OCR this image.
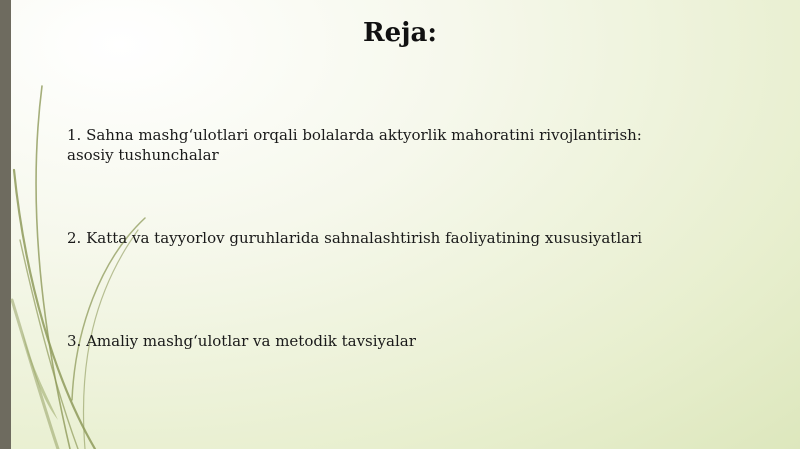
Reja:
1. Sahna mashg‘ulotlari orqali bolalarda aktyorlik mahoratini rivojlantirish: asosiy tushunchalar
2. Katta va tayyorlov guruhlarida sahnalashtirish faoliyatining xususiyatlari
3. Amaliy mashg‘ulotlar va metodik tavsiyalar
